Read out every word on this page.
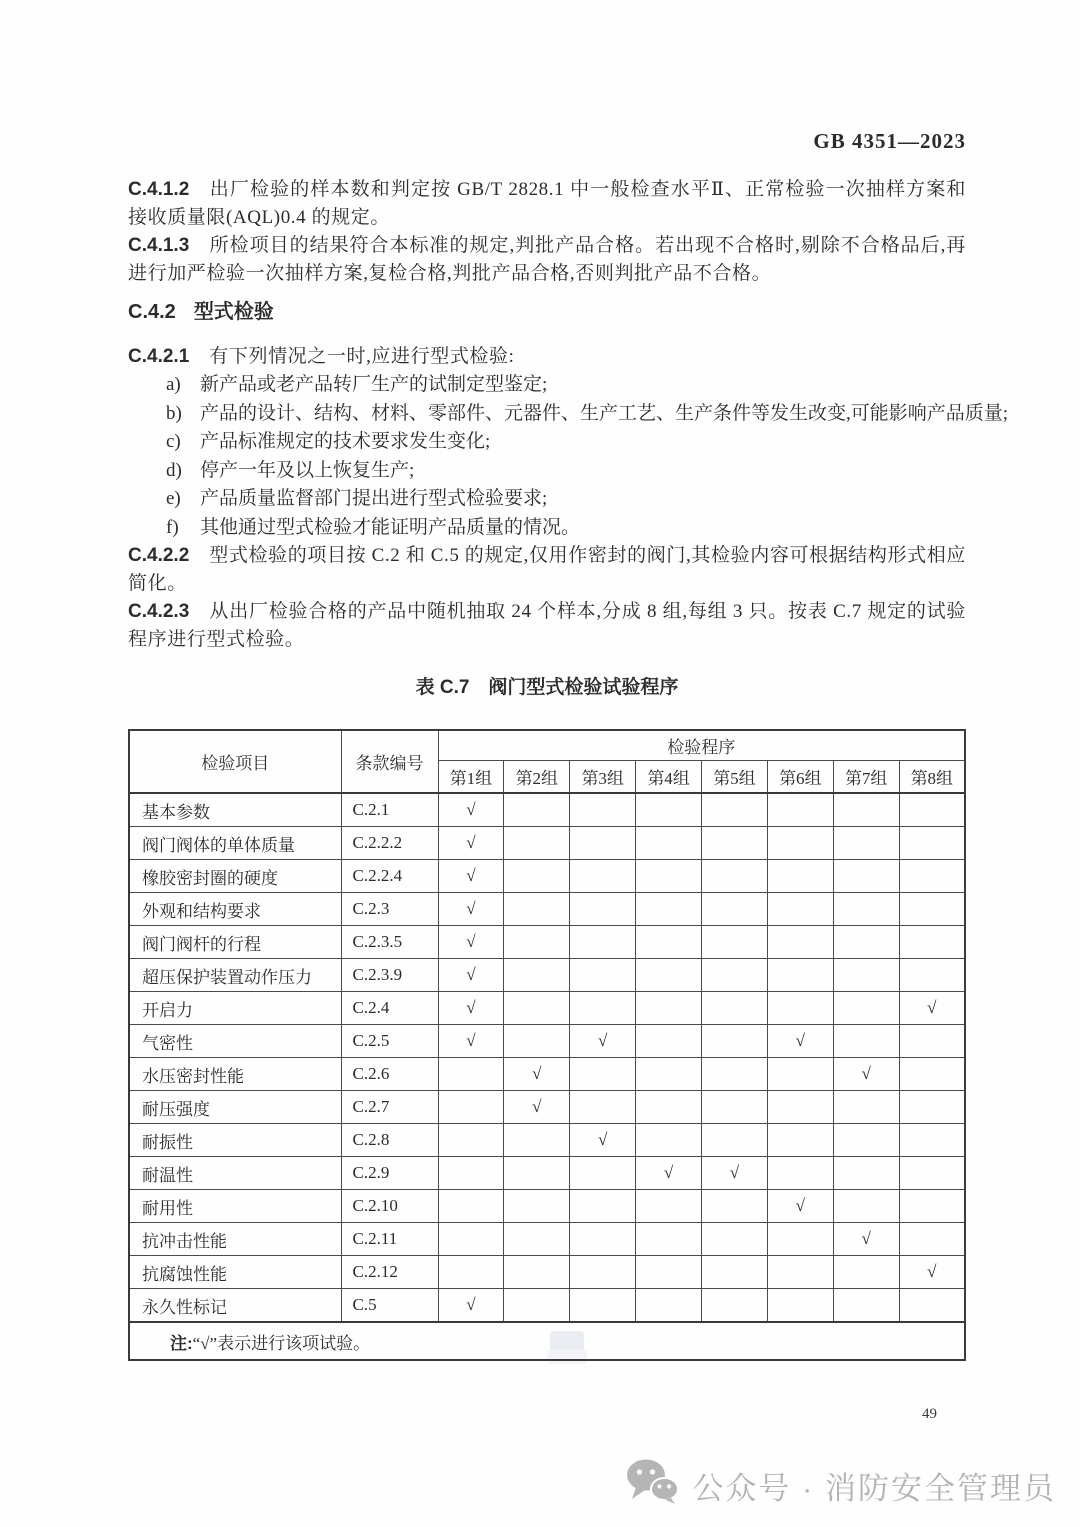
GB 4351—2023

C.4.1.2 出厂检验的样本数和判定按 GB/T 2828.1 中一般检查水平Ⅱ、正常检验一次抽样方案和接收质量限(AQL)0.4 的规定。

C.4.1.3 所检项目的结果符合本标准的规定,判批产品合格。若出现不合格时,剔除不合格品后,再进行加严检验一次抽样方案,复检合格,判批产品合格,否则判批产品不合格。

C.4.2 型式检验

C.4.2.1 有下列情况之一时,应进行型式检验:

a) 新产品或老产品转厂生产的试制定型鉴定;
b) 产品的设计、结构、材料、零部件、元器件、生产工艺、生产条件等发生改变,可能影响产品质量;
c) 产品标准规定的技术要求发生变化;
d) 停产一年及以上恢复生产;
e) 产品质量监督部门提出进行型式检验要求;
f) 其他通过型式检验才能证明产品质量的情况。

C.4.2.2 型式检验的项目按 C.2 和 C.5 的规定,仅用作密封的阀门,其检验内容可根据结构形式相应简化。

C.4.2.3 从出厂检验合格的产品中随机抽取 24 个样本,分成 8 组,每组 3 只。按表 C.7 规定的试验程序进行型式检验。

表 C.7　阀门型式检验试验程序
检验项目	条款编号	检验程序							
		第1组	第2组	第3组	第4组	第5组	第6组	第7组	第8组
基本参数	C.2.1	√							
阀门阀体的单体质量	C.2.2.2	√							
橡胶密封圈的硬度	C.2.2.4	√							
外观和结构要求	C.2.3	√							
阀门阀杆的行程	C.2.3.5	√							
超压保护装置动作压力	C.2.3.9	√							
开启力	C.2.4	√							√
气密性	C.2.5	√		√			√		
水压密封性能	C.2.6		√					√	
耐压强度	C.2.7		√						
耐振性	C.2.8			√					
耐温性	C.2.9				√	√			
耐用性	C.2.10						√		
抗冲击性能	C.2.11							√	
抗腐蚀性能	C.2.12								√
永久性标记	C.5	√							
注:“√”表示进行该项试验。									
49
公众号 · 消防安全管理员
